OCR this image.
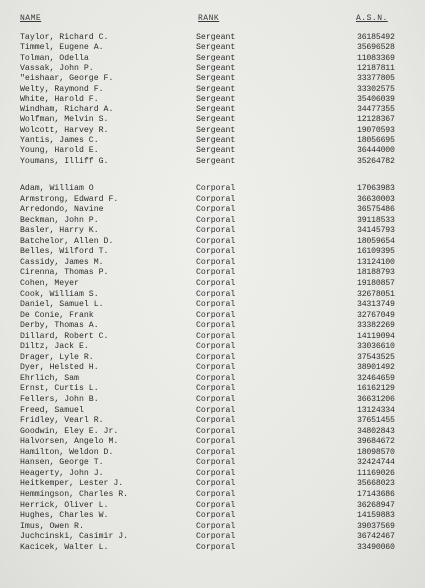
NAME	RANK	A.S.N.
Taylor, Richard C.	Sergeant	36185492
Timmel, Eugene A.	Sergeant	35696528
Tolman, Odella	Sergeant	11083369
Vassak, John P.	Sergeant	12187811
"eishaar, George F.	Sergeant	33377805
Welty, Raymond F.	Sergeant	33302575
White, Harold F.	Sergeant	35406039
Windham, Richard A.	Sergeant	34477355
Wolfman, Melvin S.	Sergeant	12128367
Wolcott, Harvey R.	Sergeant	19070593
Yantis, James C.	Sergeant	18056695
Young, Harold E.	Sergeant	36444000
Youmans, Illiff G.	Sergeant	35264782
Adam, William O	Corporal	17063983
Armstrong, Edward F.	Corporal	36630003
Arredondo, Navine	Corporal	36575486
Beckman, John P.	Corporal	39118533
Basler, Harry K.	Corporal	34145793
Batchelor, Allen D.	Corporal	18059654
Belles, Wilford T.	Corporal	16109395
Cassidy, James M.	Corporal	13124100
Cirenna, Thomas P.	Corporal	18188793
Cohen, Meyer	Corporal	19180857
Cook, William S.	Corporal	32678051
Daniel, Samuel L.	Corporal	34313749
De Conie, Frank	Corporal	32767049
Derby, Thomas A.	Corporal	33382269
Dillard, Robert C.	Corporal	14119094
Diltz, Jack E.	Corporal	33036610
Drager, Lyle R.	Corporal	37543525
Dyer, Helsted H.	Corporal	38901492
Ehrlich, Sam	Corporal	32464659
Ernst, Curtis L.	Corporal	16162129
Fellers, John B.	Corporal	36631206
Freed, Samuel	Corporal	13124334
Fridley, Vearl R.	Corporal	37651455
Goodwin, Eley E. Jr.	Corporal	34802843
Halvorsen, Angelo M.	Corporal	39684672
Hamilton, Weldon D.	Corporal	18098570
Hansen, George T.	Corporal	32424744
Heagerty, John J.	Corporal	11169026
Heitkemper, Lester J.	Corporal	35668023
Hemmingson, Charles R.	Corporal	17143686
Herrick, Oliver L.	Corporal	36268947
Hughes, Charles W.	Corporal	14159883
Imus, Owen R.	Corporal	39037569
Juchcinski, Casimir J.	Corporal	36742467
Kacicek, Walter L.	Corporal	33490060
